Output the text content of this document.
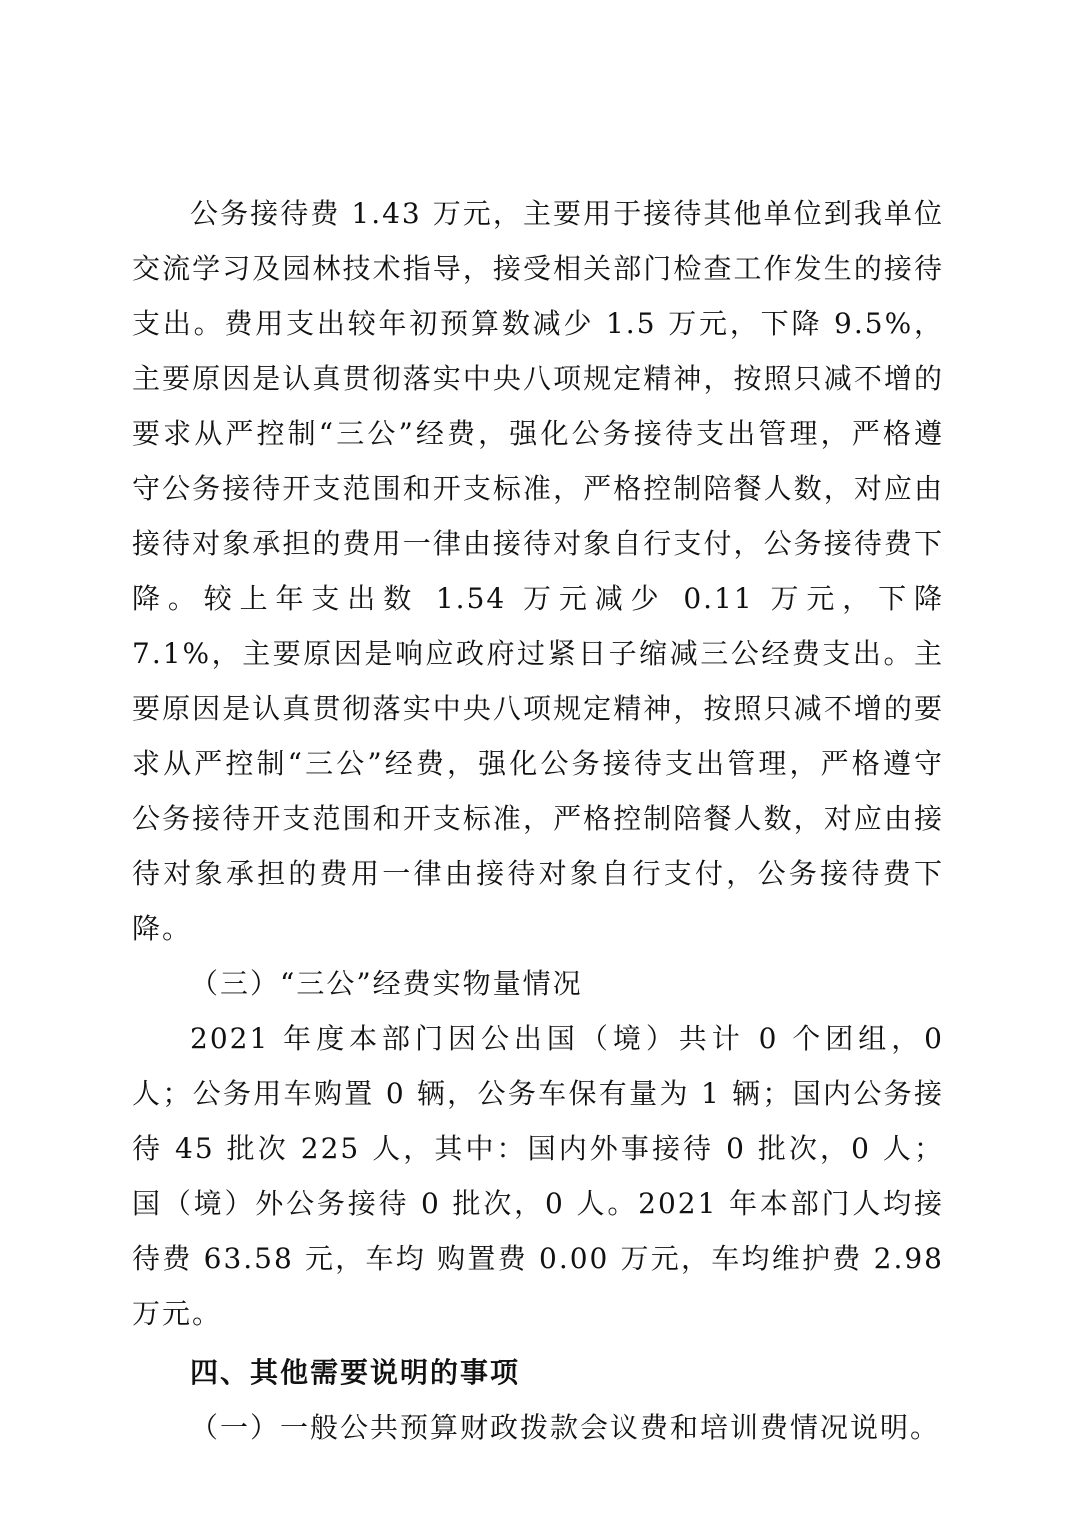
公务接待费 1.43 万元，主要用于接待其他单位到我单位交流学习及园林技术指导，接受相关部门检查工作发生的接待支出。费用支出较年初预算数减少 1.5 万元，下降 9.5%，主要原因是认真贯彻落实中央八项规定精神，按照只减不增的要求从严控制“三公”经费，强化公务接待支出管理，严格遵守公务接待开支范围和开支标准，严格控制陪餐人数，对应由接待对象承担的费用一律由接待对象自行支付，公务接待费下降。较上年支出数 1.54 万元减少 0.11 万元，下降 7.1%，主要原因是响应政府过紧日子缩减三公经费支出。主要原因是认真贯彻落实中央八项规定精神，按照只减不增的要求从严控制“三公”经费，强化公务接待支出管理，严格遵守公务接待开支范围和开支标准，严格控制陪餐人数，对应由接待对象承担的费用一律由接待对象自行支付，公务接待费下降。

（三）“三公”经费实物量情况

2021 年度本部门因公出国（境）共计 0 个团组，0 人；公务用车购置 0 辆，公务车保有量为 1 辆；国内公务接待 45 批次 225 人，其中：国内外事接待 0 批次，0 人；国（境）外公务接待 0 批次，0 人。2021 年本部门人均接待费 63.58 元，车均 购置费 0.00 万元，车均维护费 2.98 万元。

四、其他需要说明的事项

（一）一般公共预算财政拨款会议费和培训费情况说明。
